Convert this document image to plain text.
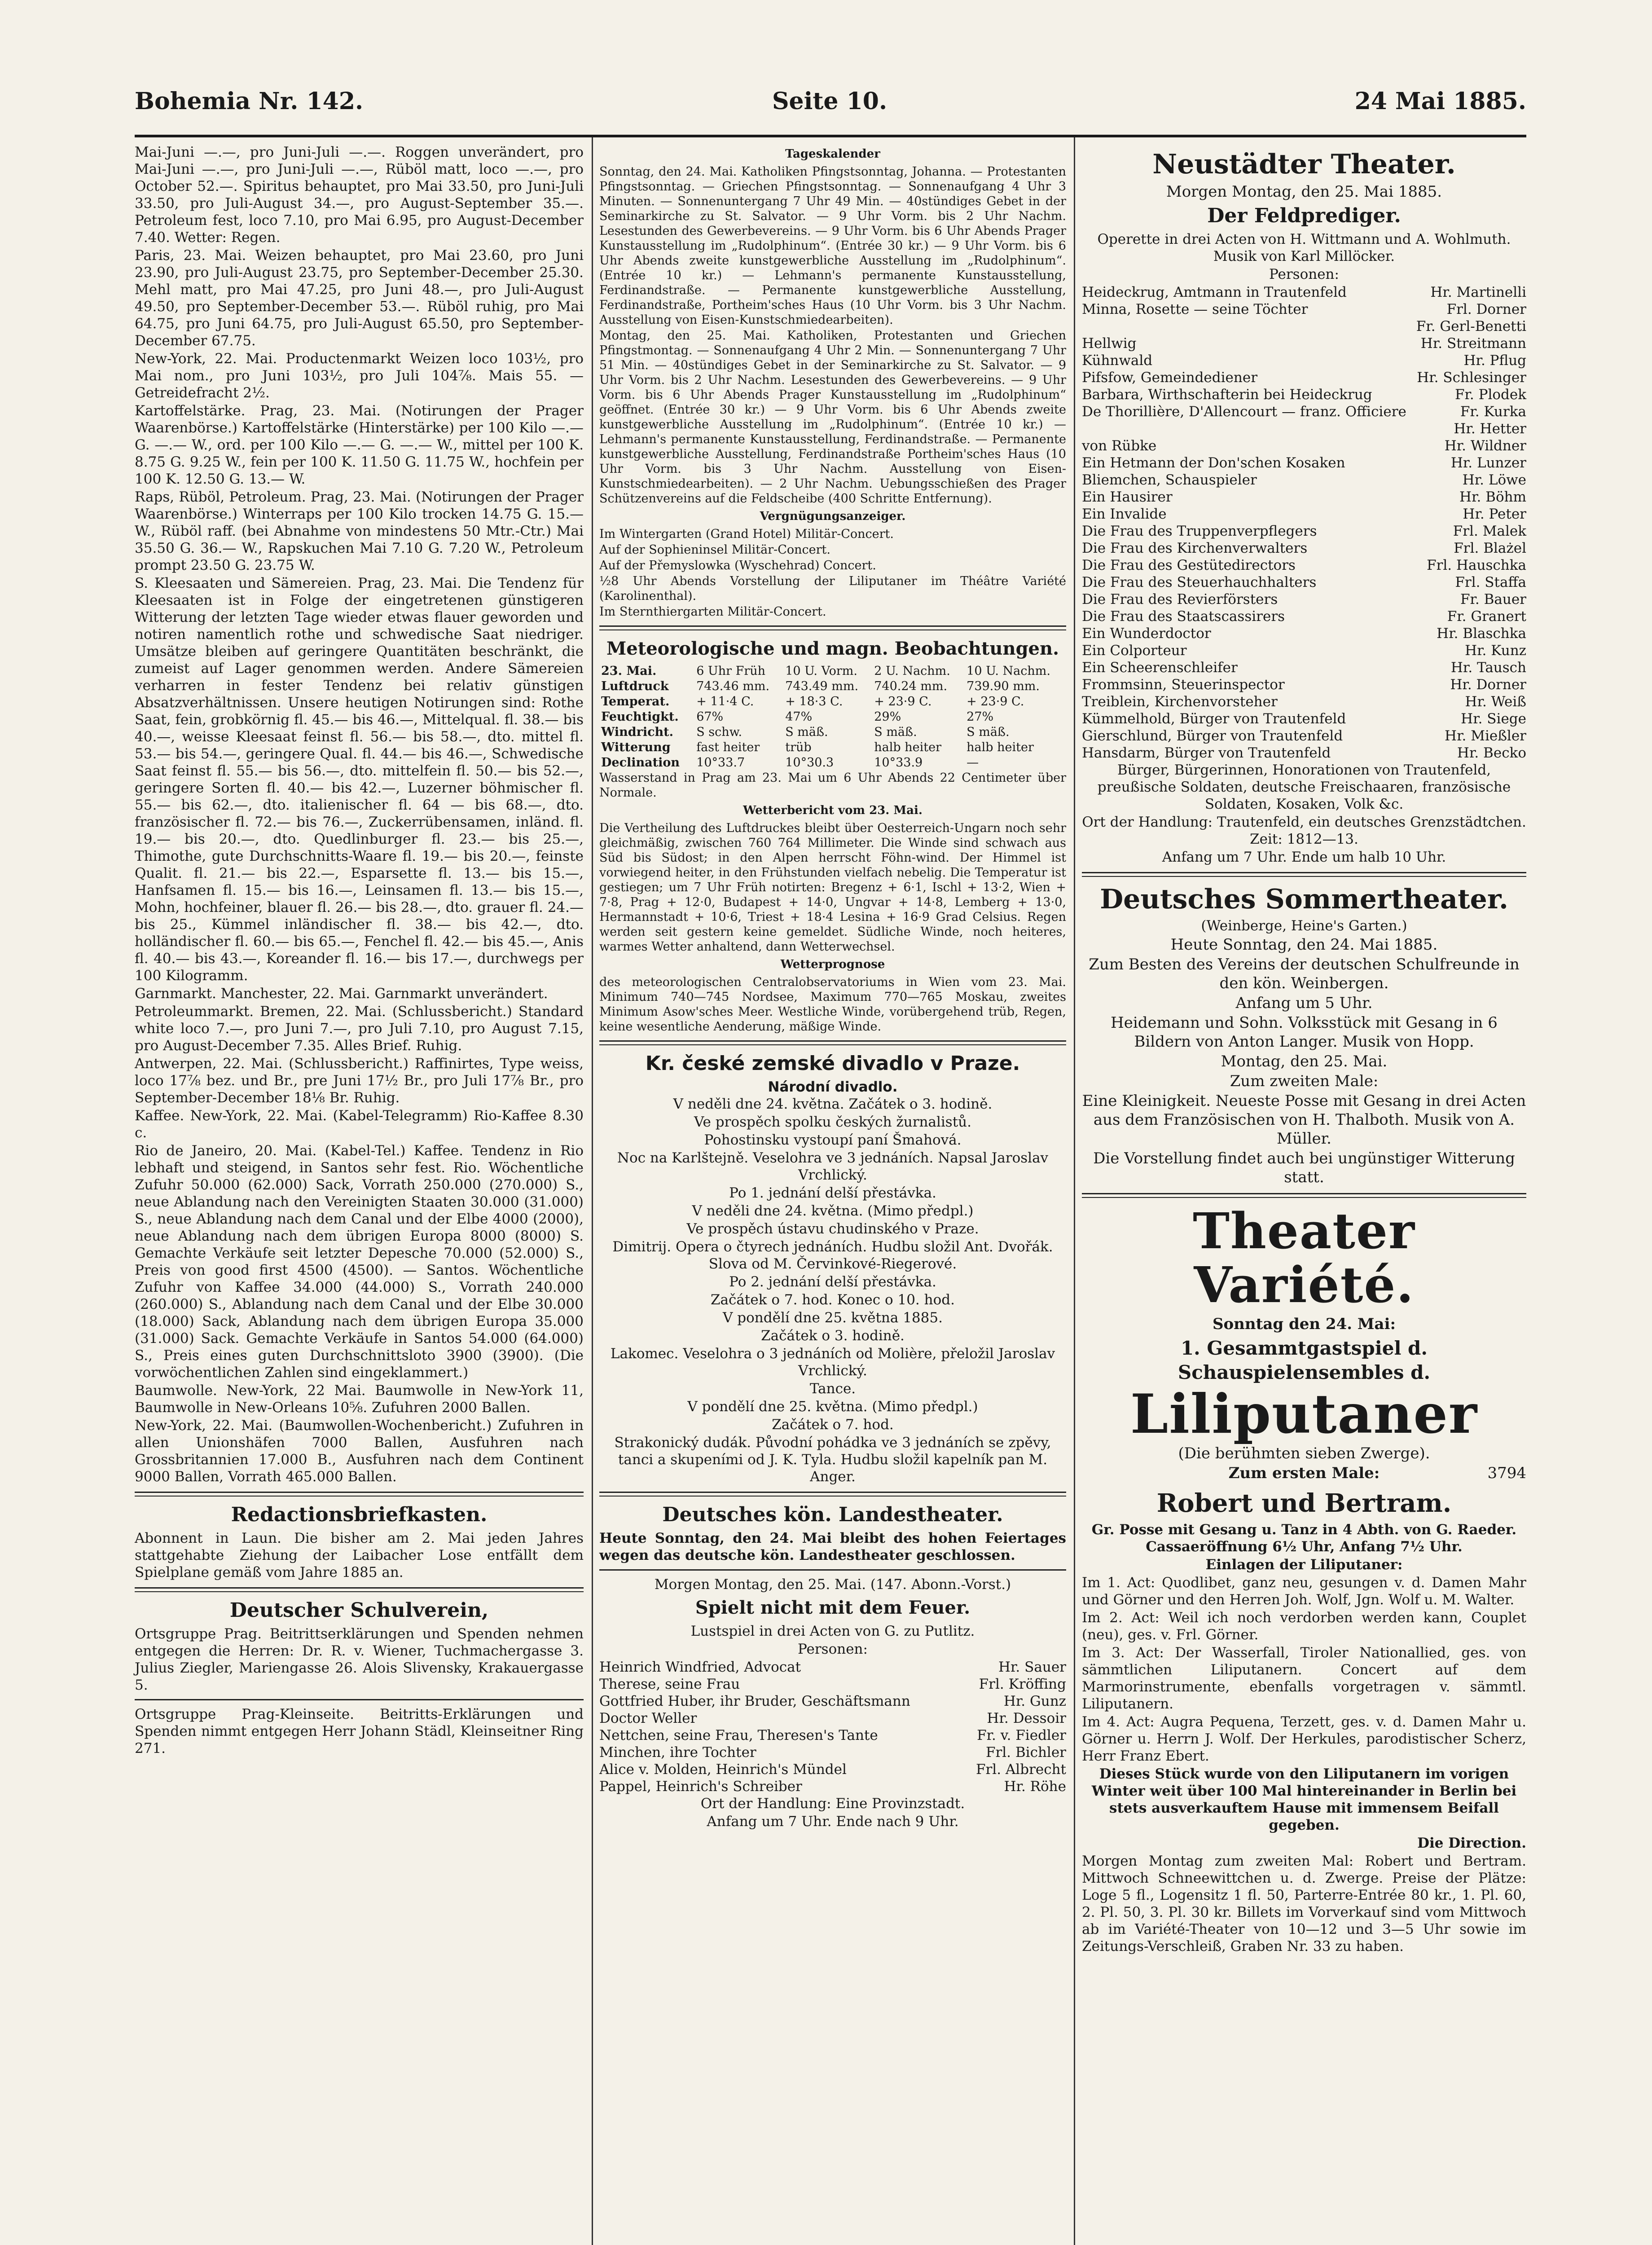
Bohemia Nr. 142.	Seite 10.	24 Mai 1885.

Mai-Juni —.—, pro Juni-Juli —.—. Roggen unverändert, pro Mai-Juni —.—, pro Juni-Juli —.—, Rüböl matt, loco —.—, pro October 52.—. Spiritus behauptet, pro Mai 33.50, pro Juni-Juli 33.50, pro Juli-August 34.—, pro August-September 35.—. Petroleum fest, loco 7.10, pro Mai 6.95, pro August-December 7.40. Wetter: Regen.

Paris, 23. Mai. Weizen behauptet, pro Mai 23.60, pro Juni 23.90, pro Juli-August 23.75, pro September-December 25.30. Mehl matt, pro Mai 47.25, pro Juni 48.—, pro Juli-August 49.50, pro September-December 53.—. Rüböl ruhig, pro Mai 64.75, pro Juni 64.75, pro Juli-August 65.50, pro September-December 67.75.

New-York, 22. Mai. Productenmarkt Weizen loco 103½, pro Mai nom., pro Juni 103½, pro Juli 104⅞. Mais 55. — Getreidefracht 2½.

Kartoffelstärke. Prag, 23. Mai. (Notirungen der Prager Waarenbörse.) Kartoffelstärke (Hinterstärke) per 100 Kilo —.— G. —.— W., ord. per 100 Kilo —.— G. —.— W., mittel per 100 K. 8.75 G. 9.25 W., fein per 100 K. 11.50 G. 11.75 W., hochfein per 100 K. 12.50 G. 13.— W.

Raps, Rüböl, Petroleum. Prag, 23. Mai. (Notirungen der Prager Waarenbörse.) Winterraps per 100 Kilo trocken 14.75 G. 15.— W., Rüböl raff. (bei Abnahme von mindestens 50 Mtr.-Ctr.) Mai 35.50 G. 36.— W., Rapskuchen Mai 7.10 G. 7.20 W., Petroleum prompt 23.50 G. 23.75 W.

S. Kleesaaten und Sämereien. Prag, 23. Mai. Die Tendenz für Kleesaaten ist in Folge der eingetretenen günstigeren Witterung der letzten Tage wieder etwas flauer geworden und notiren namentlich rothe und schwedische Saat niedriger. Umsätze bleiben auf geringere Quantitäten beschränkt, die zumeist auf Lager genommen werden. Andere Sämereien verharren in fester Tendenz bei relativ günstigen Absatzverhältnissen. Unsere heutigen Notirungen sind: Rothe Saat, fein, grobkörnig fl. 45.— bis 46.—, Mittelqual. fl. 38.— bis 40.—, weisse Kleesaat feinst fl. 56.— bis 58.—, dto. mittel fl. 53.— bis 54.—, geringere Qual. fl. 44.— bis 46.—, Schwedische Saat feinst fl. 55.— bis 56.—, dto. mittelfein fl. 50.— bis 52.—, geringere Sorten fl. 40.— bis 42.—, Luzerner böhmischer fl. 55.— bis 62.—, dto. italienischer fl. 64 — bis 68.—, dto. französischer fl. 72.— bis 76.—, Zuckerrübensamen, inländ. fl. 19.— bis 20.—, dto. Quedlinburger fl. 23.— bis 25.—, Thimothe, gute Durchschnitts-Waare fl. 19.— bis 20.—, feinste Qualit. fl. 21.— bis 22.—, Esparsette fl. 13.— bis 15.—, Hanfsamen fl. 15.— bis 16.—, Leinsamen fl. 13.— bis 15.—, Mohn, hochfeiner, blauer fl. 26.— bis 28.—, dto. grauer fl. 24.— bis 25., Kümmel inländischer fl. 38.— bis 42.—, dto. holländischer fl. 60.— bis 65.—, Fenchel fl. 42.— bis 45.—, Anis fl. 40.— bis 43.—, Koreander fl. 16.— bis 17.—, durchwegs per 100 Kilogramm.

Garnmarkt. Manchester, 22. Mai. Garnmarkt unverändert.

Petroleummarkt. Bremen, 22. Mai. (Schlussbericht.) Standard white loco 7.—, pro Juni 7.—, pro Juli 7.10, pro August 7.15, pro August-December 7.35. Alles Brief. Ruhig.

Antwerpen, 22. Mai. (Schlussbericht.) Raffinirtes, Type weiss, loco 17⅞ bez. und Br., pre Juni 17½ Br., pro Juli 17⅞ Br., pro September-December 18⅛ Br. Ruhig.

Kaffee. New-York, 22. Mai. (Kabel-Telegramm) Rio-Kaffee 8.30 c.

Rio de Janeiro, 20. Mai. (Kabel-Tel.) Kaffee. Tendenz in Rio lebhaft und steigend, in Santos sehr fest. Rio. Wöchentliche Zufuhr 50.000 (62.000) Sack, Vorrath 250.000 (270.000) S., neue Ablandung nach den Vereinigten Staaten 30.000 (31.000) S., neue Ablandung nach dem Canal und der Elbe 4000 (2000), neue Ablandung nach dem übrigen Europa 8000 (8000) S. Gemachte Verkäufe seit letzter Depesche 70.000 (52.000) S., Preis von good first 4500 (4500). — Santos. Wöchentliche Zufuhr von Kaffee 34.000 (44.000) S., Vorrath 240.000 (260.000) S., Ablandung nach dem Canal und der Elbe 30.000 (18.000) Sack, Ablandung nach dem übrigen Europa 35.000 (31.000) Sack. Gemachte Verkäufe in Santos 54.000 (64.000) S., Preis eines guten Durchschnittsloto 3900 (3900). (Die vorwöchentlichen Zahlen sind eingeklammert.)

Baumwolle. New-York, 22 Mai. Baumwolle in New-York 11, Baumwolle in New-Orleans 10⅝. Zufuhren 2000 Ballen.

New-York, 22. Mai. (Baumwollen-Wochenbericht.) Zufuhren in allen Unionshäfen 7000 Ballen, Ausfuhren nach Grossbritannien 17.000 B., Ausfuhren nach dem Continent 9000 Ballen, Vorrath 465.000 Ballen.

Redactionsbriefkasten.

Abonnent in Laun. Die bisher am 2. Mai jeden Jahres stattgehabte Ziehung der Laibacher Lose entfällt dem Spielplane gemäß vom Jahre 1885 an.

Deutscher Schulverein,

Ortsgruppe Prag. Beitrittserklärungen und Spenden nehmen entgegen die Herren: Dr. R. v. Wiener, Tuchmachergasse 3. Julius Ziegler, Mariengasse 26. Alois Slivensky, Krakauergasse 5.

Ortsgruppe Prag-Kleinseite. Beitritts-Erklärungen und Spenden nimmt entgegen Herr Johann Städl, Kleinseitner Ring 271.

Tageskalender

Sonntag, den 24. Mai. Katholiken Pfingstsonntag, Johanna. — Protestanten Pfingstsonntag. — Griechen Pfingstsonntag. — Sonnenaufgang 4 Uhr 3 Minuten. — Sonnenuntergang 7 Uhr 49 Min. — 40stündiges Gebet in der Seminarkirche zu St. Salvator. — 9 Uhr Vorm. bis 2 Uhr Nachm. Lesestunden des Gewerbevereins. — 9 Uhr Vorm. bis 6 Uhr Abends Prager Kunstausstellung im „Rudolphinum“. (Entrée 30 kr.) — 9 Uhr Vorm. bis 6 Uhr Abends zweite kunstgewerbliche Ausstellung im „Rudolphinum“. (Entrée 10 kr.) — Lehmann's permanente Kunstausstellung, Ferdinandstraße. — Permanente kunstgewerbliche Ausstellung, Ferdinandstraße, Portheim'sches Haus (10 Uhr Vorm. bis 3 Uhr Nachm. Ausstellung von Eisen-Kunstschmiedearbeiten).

Montag, den 25. Mai. Katholiken, Protestanten und Griechen Pfingstmontag. — Sonnenaufgang 4 Uhr 2 Min. — Sonnenuntergang 7 Uhr 51 Min. — 40stündiges Gebet in der Seminarkirche zu St. Salvator. — 9 Uhr Vorm. bis 2 Uhr Nachm. Lesestunden des Gewerbevereins. — 9 Uhr Vorm. bis 6 Uhr Abends Prager Kunstausstellung im „Rudolphinum“ geöffnet. (Entrée 30 kr.) — 9 Uhr Vorm. bis 6 Uhr Abends zweite kunstgewerbliche Ausstellung im „Rudolphinum“. (Entrée 10 kr.) — Lehmann's permanente Kunstausstellung, Ferdinandstraße. — Permanente kunstgewerbliche Ausstellung, Ferdinandstraße Portheim'sches Haus (10 Uhr Vorm. bis 3 Uhr Nachm. Ausstellung von Eisen-Kunstschmiedearbeiten). — 2 Uhr Nachm. Uebungsschießen des Prager Schützenvereins auf die Feldscheibe (400 Schritte Entfernung).

Vergnügungsanzeiger.

Im Wintergarten (Grand Hotel) Militär-Concert.

Auf der Sophieninsel Militär-Concert.

Auf der Přemyslowka (Wyschehrad) Concert.

½8 Uhr Abends Vorstellung der Liliputaner im Théâtre Variété (Karolinenthal).

Im Sternthiergarten Militär-Concert.

Meteorologische und magn. Beobachtungen.
23. Mai.	6 Uhr Früh	10 U. Vorm.	2 U. Nachm.	10 U. Nachm.
Luftdruck	743.46 mm.	743.49 mm.	740.24 mm.	739.90 mm.
Temperat.	+ 11·4 C.	+ 18·3 C.	+ 23·9 C.	+ 23·9 C.
Feuchtigkt.	67%	47%	29%	27%
Windricht.	S schw.	S mäß.	S mäß.	S mäß.
Witterung	fast heiter	trüb	halb heiter	halb heiter
Declination	10°33.7	10°30.3	10°33.9	—

Wasserstand in Prag am 23. Mai um 6 Uhr Abends 22 Centimeter über Normale.

Wetterbericht vom 23. Mai.

Die Vertheilung des Luftdruckes bleibt über Oesterreich-Ungarn noch sehr gleichmäßig, zwischen 760 764 Millimeter. Die Winde sind schwach aus Süd bis Südost; in den Alpen herrscht Föhn-wind. Der Himmel ist vorwiegend heiter, in den Frühstunden vielfach nebelig. Die Temperatur ist gestiegen; um 7 Uhr Früh notirten: Bregenz + 6·1, Ischl + 13·2, Wien + 7·8, Prag + 12·0, Budapest + 14·0, Ungvar + 14·8, Lemberg + 13·0, Hermannstadt + 10·6, Triest + 18·4 Lesina + 16·9 Grad Celsius. Regen werden seit gestern keine gemeldet. Südliche Winde, noch heiteres, warmes Wetter anhaltend, dann Wetterwechsel.

Wetterprognose

des meteorologischen Centralobservatoriums in Wien vom 23. Mai. Minimum 740—745 Nordsee, Maximum 770—765 Moskau, zweites Minimum Asow'sches Meer. Westliche Winde, vorübergehend trüb, Regen, keine wesentliche Aenderung, mäßige Winde.

Kr. české zemské divadlo v Praze.
Národní divadlo.

V neděli dne 24. května. Začátek o 3. hodině.

Ve prospěch spolku českých žurnalistů.

Pohostinsku vystoupí paní Šmahová.

Noc na Karlštejně. Veselohra ve 3 jednáních. Napsal Jaroslav Vrchlický.

Po 1. jednání delší přestávka.

V neděli dne 24. května. (Mimo předpl.)

Ve prospěch ústavu chudinského v Praze.

Dimitrij. Opera o čtyrech jednáních. Hudbu složil Ant. Dvořák. Slova od M. Červinkové-Riegerové.

Po 2. jednání delší přestávka.

Začátek o 7. hod. Konec o 10. hod.

V pondělí dne 25. května 1885.

Začátek o 3. hodině.

Lakomec. Veselohra o 3 jednáních od Molière, přeložil Jaroslav Vrchlický.

Tance.

V pondělí dne 25. května. (Mimo předpl.)

Začátek o 7. hod.

Strakonický dudák. Původní pohádka ve 3 jednáních se zpěvy, tanci a skupeními od J. K. Tyla. Hudbu složil kapelník pan M. Anger.

Deutsches kön. Landestheater.

Heute Sonntag, den 24. Mai bleibt des hohen Feiertages wegen das deutsche kön. Landestheater geschlossen.

Morgen Montag, den 25. Mai. (147. Abonn.-Vorst.)

Spielt nicht mit dem Feuer.

Lustspiel in drei Acten von G. zu Putlitz.

Personen:

Heinrich Windfried, Advocat	Hr. Sauer
Therese, seine Frau	Frl. Kröffing
Gottfried Huber, ihr Bruder, Geschäftsmann	Hr. Gunz
Doctor Weller	Hr. Dessoir
Nettchen, seine Frau, Theresen's Tante	Fr. v. Fiedler
Minchen, ihre Tochter	Frl. Bichler
Alice v. Molden, Heinrich's Mündel	Frl. Albrecht
Pappel, Heinrich's Schreiber	Hr. Röhe

Ort der Handlung: Eine Provinzstadt.

Anfang um 7 Uhr. Ende nach 9 Uhr.

Neustädter Theater.

Morgen Montag, den 25. Mai 1885.

Der Feldprediger.

Operette in drei Acten von H. Wittmann und A. Wohlmuth. Musik von Karl Millöcker.

Personen:

Heideckrug, Amtmann in Trautenfeld	Hr. Martinelli
Minna, Rosette — seine Töchter	Frl. Dorner
Fr. Gerl-Benetti
Hellwig	Hr. Streitmann
Kühnwald	Hr. Pflug
Pifsfow, Gemeindediener	Hr. Schlesinger
Barbara, Wirthschafterin bei Heideckrug	Fr. Plodek
De Thorillière, D'Allencourt — franz. Officiere	Fr. Kurka
Hr. Hetter
von Rübke	Hr. Wildner
Ein Hetmann der Don'schen Kosaken	Hr. Lunzer
Bliemchen, Schauspieler	Hr. Löwe
Ein Hausirer	Hr. Böhm
Ein Invalide	Hr. Peter
Die Frau des Truppenverpflegers	Frl. Malek
Die Frau des Kirchenverwalters	Frl. Blażel
Die Frau des Gestütedirectors	Frl. Hauschka
Die Frau des Steuerhauchhalters	Frl. Staffa
Die Frau des Revierförsters	Fr. Bauer
Die Frau des Staatscassirers	Fr. Granert
Ein Wunderdoctor	Hr. Blaschka
Ein Colporteur	Hr. Kunz
Ein Scheerenschleifer	Hr. Tausch
Frommsinn, Steuerinspector	Hr. Dorner
Treiblein, Kirchenvorsteher	Hr. Weiß
Kümmelhold, Bürger von Trautenfeld	Hr. Siege
Gierschlund, Bürger von Trautenfeld	Hr. Mießler
Hansdarm, Bürger von Trautenfeld	Hr. Becko

Bürger, Bürgerinnen, Honorationen von Trautenfeld, preußische Soldaten, deutsche Freischaaren, französische Soldaten, Kosaken, Volk &c.

Ort der Handlung: Trautenfeld, ein deutsches Grenzstädtchen. Zeit: 1812—13.

Anfang um 7 Uhr. Ende um halb 10 Uhr.

Deutsches Sommertheater.

(Weinberge, Heine's Garten.)

Heute Sonntag, den 24. Mai 1885.

Zum Besten des Vereins der deutschen Schulfreunde in den kön. Weinbergen.

Anfang um 5 Uhr.

Heidemann und Sohn. Volksstück mit Gesang in 6 Bildern von Anton Langer. Musik von Hopp.

Montag, den 25. Mai.

Zum zweiten Male:

Eine Kleinigkeit. Neueste Posse mit Gesang in drei Acten aus dem Französischen von H. Thalboth. Musik von A. Müller.

Die Vorstellung findet auch bei ungünstiger Witterung statt.

Theater Variété.

Sonntag den 24. Mai:

1. Gesammtgastspiel d. Schauspielensembles d.
Liliputaner

(Die berühmten sieben Zwerge).

Zum ersten Male:	3794
Robert und Bertram.

Gr. Posse mit Gesang u. Tanz in 4 Abth. von G. Raeder. Cassaeröffnung 6½ Uhr, Anfang 7½ Uhr.

Einlagen der Liliputaner:

Im 1. Act: Quodlibet, ganz neu, gesungen v. d. Damen Mahr und Görner und den Herren Joh. Wolf, Jgn. Wolf u. M. Walter.

Im 2. Act: Weil ich noch verdorben werden kann, Couplet (neu), ges. v. Frl. Görner.

Im 3. Act: Der Wasserfall, Tiroler Nationallied, ges. von sämmtlichen Liliputanern. Concert auf dem Marmorinstrumente, ebenfalls vorgetragen v. sämmtl. Liliputanern.

Im 4. Act: Augra Pequena, Terzett, ges. v. d. Damen Mahr u. Görner u. Herrn J. Wolf. Der Herkules, parodistischer Scherz, Herr Franz Ebert.

Dieses Stück wurde von den Liliputanern im vorigen Winter weit über 100 Mal hintereinander in Berlin bei stets ausverkauftem Hause mit immensem Beifall gegeben.

Die Direction.

Morgen Montag zum zweiten Mal: Robert und Bertram. Mittwoch Schneewittchen u. d. Zwerge. Preise der Plätze: Loge 5 fl., Logensitz 1 fl. 50, Parterre-Entrée 80 kr., 1. Pl. 60, 2. Pl. 50, 3. Pl. 30 kr. Billets im Vorverkauf sind vom Mittwoch ab im Variété-Theater von 10—12 und 3—5 Uhr sowie im Zeitungs-Verschleiß, Graben Nr. 33 zu haben.
